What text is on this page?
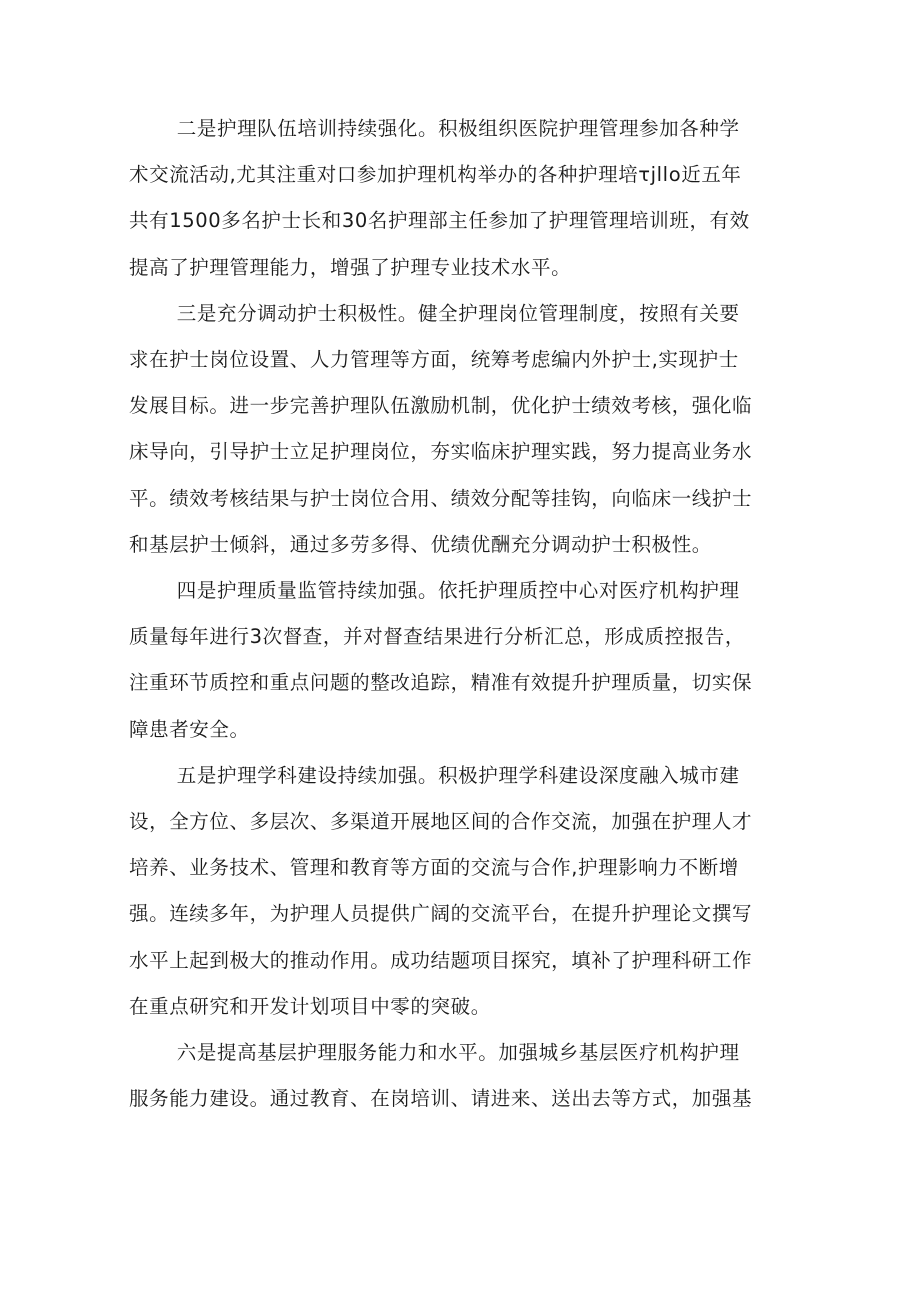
二是护理队伍培训持续强化。积极组织医院护理管理参加各种学
术交流活动,尤其注重对口参加护理机构举办的各种护理培τjllo近五年
共有1500多名护士长和30名护理部主任参加了护理管理培训班，有效
提高了护理管理能力，增强了护理专业技术水平。

三是充分调动护士积极性。健全护理岗位管理制度，按照有关要
求在护士岗位设置、人力管理等方面，统筹考虑编内外护士,实现护士
发展目标。进一步完善护理队伍激励机制，优化护士绩效考核，强化临
床导向，引导护士立足护理岗位，夯实临床护理实践，努力提高业务水
平。绩效考核结果与护士岗位合用、绩效分配等挂钩，向临床一线护士
和基层护士倾斜，通过多劳多得、优绩优酬充分调动护士积极性。

四是护理质量监管持续加强。依托护理质控中心对医疗机构护理
质量每年进行3次督查，并对督查结果进行分析汇总，形成质控报告，
注重环节质控和重点问题的整改追踪，精准有效提升护理质量，切实保
障患者安全。

五是护理学科建设持续加强。积极护理学科建设深度融入城市建
设，全方位、多层次、多渠道开展地区间的合作交流，加强在护理人才
培养、业务技术、管理和教育等方面的交流与合作,护理影响力不断增
强。连续多年，为护理人员提供广阔的交流平台，在提升护理论文撰写
水平上起到极大的推动作用。成功结题项目探究，填补了护理科研工作
在重点研究和开发计划项目中零的突破。

六是提高基层护理服务能力和水平。加强城乡基层医疗机构护理
服务能力建设。通过教育、在岗培训、请进来、送出去等方式，加强基
